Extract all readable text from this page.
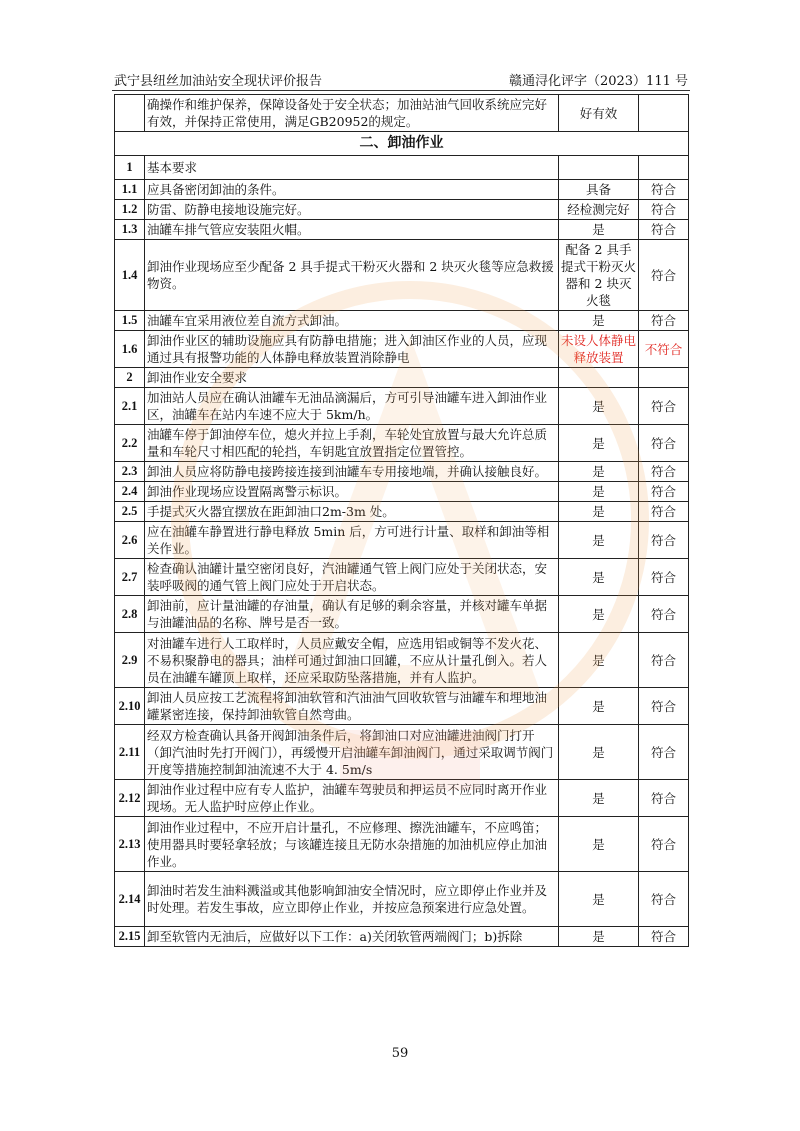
武宁县纽丝加油站安全现状评价报告	赣通浔化评字（2023）111 号
	确操作和维护保养，保障设备处于安全状态；加油站油气回收系统应完好有效，并保持正常使用，满足GB20952的规定。	好有效	
二、卸油作业			
1	基本要求		
1.1	应具备密闭卸油的条件。	具备	符合
1.2	防雷、防静电接地设施完好。	经检测完好	符合
1.3	油罐车排气管应安装阻火帽。	是	符合
1.4	卸油作业现场应至少配备 2 具手提式干粉灭火器和 2 块灭火毯等应急救援物资。	配备 2 具手提式干粉灭火器和 2 块灭火毯	符合
1.5	油罐车宜采用液位差自流方式卸油。	是	符合
1.6	卸油作业区的辅助设施应具有防静电措施；进入卸油区作业的人员，应现通过具有报警功能的人体静电释放装置消除静电	未设人体静电释放装置	不符合
2	卸油作业安全要求		
2.1	加油站人员应在确认油罐车无油品滴漏后，方可引导油罐车进入卸油作业区，油罐车在站内车速不应大于 5km/h。	是	符合
2.2	油罐车停于卸油停车位，熄火并拉上手刹，车轮处宜放置与最大允许总质量和车轮尺寸相匹配的轮挡，车钥匙宜放置指定位置管控。	是	符合
2.3	卸油人员应将防静电接跨接连接到油罐车专用接地端，并确认接触良好。	是	符合
2.4	卸油作业现场应设置隔离警示标识。	是	符合
2.5	手提式灭火器宜摆放在距卸油口2m-3m 处。	是	符合
2.6	应在油罐车静置进行静电释放 5min 后，方可进行计量、取样和卸油等相关作业。	是	符合
2.7	检查确认油罐计量空密闭良好，汽油罐通气管上阀门应处于关闭状态，安装呼吸阀的通气管上阀门应处于开启状态。	是	符合
2.8	卸油前，应计量油罐的存油量，确认有足够的剩余容量，并核对罐车单据与油罐油品的名称、牌号是否一致。	是	符合
2.9	对油罐车进行人工取样时，人员应戴安全帽，应选用铝或铜等不发火花、不易积聚静电的器具；油样可通过卸油口回罐，不应从计量孔倒入。若人员在油罐车罐顶上取样，还应采取防坠落措施，并有人监护。	是	符合
2.10	卸油人员应按工艺流程将卸油软管和汽油油气回收软管与油罐车和埋地油罐紧密连接，保持卸油软管自然弯曲。	是	符合
2.11	经双方检查确认具备开阀卸油条件后，将卸油口对应油罐进油阀门打开（卸汽油时先打开阀门），再缓慢开启油罐车卸油阀门，通过采取调节阀门开度等措施控制卸油流速不大于 4. 5m/s	是	符合
2.12	卸油作业过程中应有专人监护，油罐车驾驶员和押运员不应同时离开作业现场。无人监护时应停止作业。	是	符合
2.13	卸油作业过程中，不应开启计量孔，不应修理、擦洗油罐车，不应鸣笛；使用器具时要轻拿轻放；与该罐连接且无防水杂措施的加油机应停止加油作业。	是	符合
2.14	卸油时若发生油料溅溢或其他影响卸油安全情况时，应立即停止作业并及时处理。若发生事故，应立即停止作业，并按应急预案进行应急处置。	是	符合
2.15	卸至软管内无油后，应做好以下工作：a)关闭软管两端阀门；b)拆除	是	符合
59
